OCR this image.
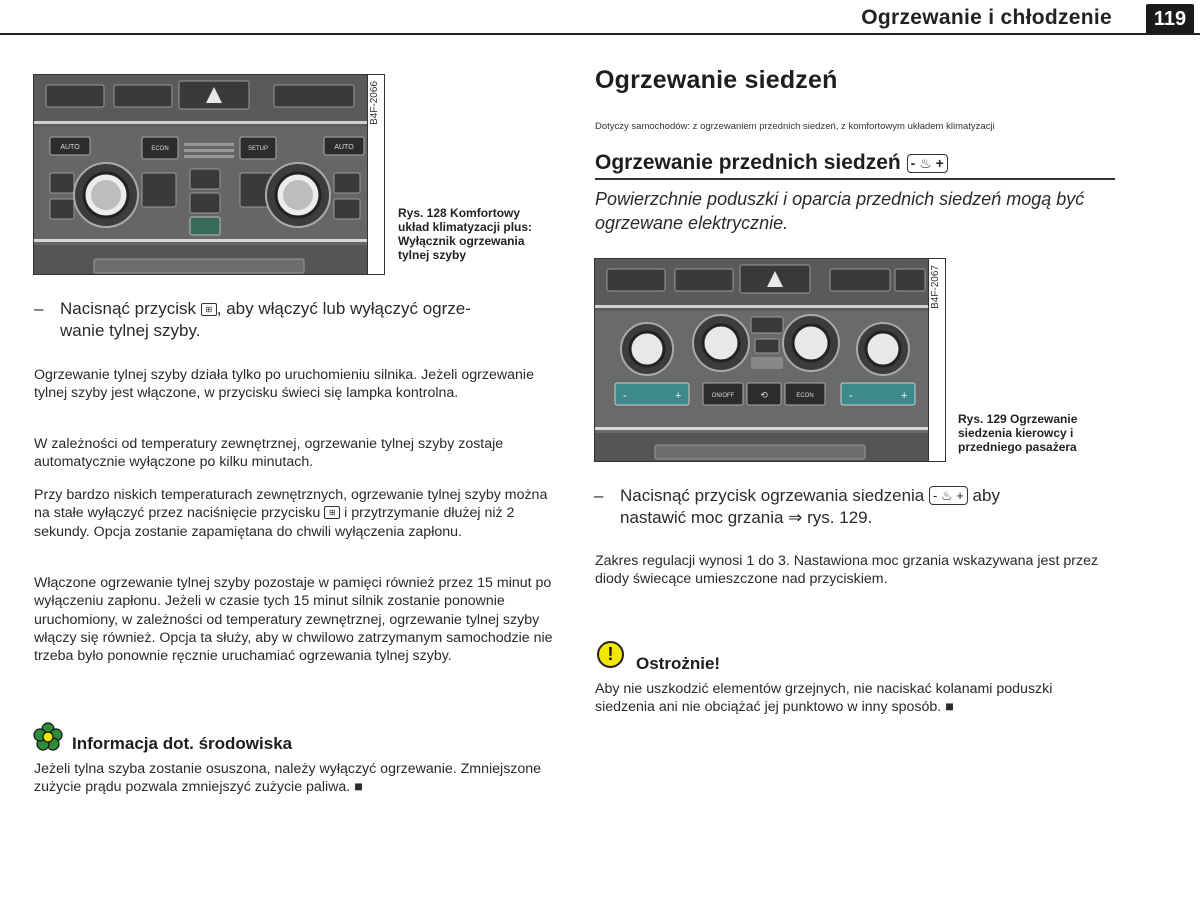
Ogrzewanie i chłodzenie	119
AUTO	ECON	SETUP	AUTO
B4F-2066
Rys. 128 Komfortowy układ klimatyzacji plus: Wyłącznik ogrzewania tylnej szyby
– Nacisnąć przycisk ⊞ , aby włączyć lub wyłączyć ogrze-
wanie tylnej szyby.
Ogrzewanie tylnej szyby działa tylko po uruchomieniu silnika. Jeżeli ogrzewanie tylnej szyby jest włączone, w przycisku świeci się lampka kontrolna.
W zależności od temperatury zewnętrznej, ogrzewanie tylnej szyby zostaje automatycznie wyłączone po kilku minutach.
Przy bardzo niskich temperaturach zewnętrznych, ogrzewanie tylnej szyby można na stałe wyłączyć przez naciśnięcie przycisku ⊞ i przytrzymanie dłużej niż 2 sekundy. Opcja zostanie zapamiętana do chwili wyłączenia zapłonu.
Włączone ogrzewanie tylnej szyby pozostaje w pamięci również przez 15 minut po wyłączeniu zapłonu. Jeżeli w czasie tych 15 minut silnik zostanie ponownie uruchomiony, w zależności od temperatury zewnętrznej, ogrzewanie tylnej szyby włączy się również. Opcja ta służy, aby w chwilowo zatrzymanym samochodzie nie trzeba było ponownie ręcznie uruchamiać ogrzewania tylnej szyby.
Informacja dot. środowiska
Jeżeli tylna szyba zostanie osuszona, należy wyłączyć ogrzewanie. Zmniejszone zużycie prądu pozwala zmniejszyć zużycie paliwa. ■
Ogrzewanie siedzeń
Dotyczy samochodów: z ogrzewaniem przednich siedzeń, z komfortowym układem klimatyzacji
Ogrzewanie przednich siedzeń - ♨ +
Powierzchnie poduszki i oparcia przednich siedzeń mogą być ogrzewane elektrycznie.
-	+	ON/OFF	⟲	ECON	-	+
B4F-2067
Rys. 129 Ogrzewanie siedzenia kierowcy i przedniego pasażera
– Nacisnąć przycisk ogrzewania siedzenia - ♨ + aby
nastawić moc grzania ⇒ rys. 129.
Zakres regulacji wynosi 1 do 3. Nastawiona moc grzania wskazywana jest przez diody świecące umieszczone nad przyciskiem.
!	Ostrożnie!
Aby nie uszkodzić elementów grzejnych, nie naciskać kolanami poduszki siedzenia ani nie obciążać jej punktowo w inny sposób. ■
